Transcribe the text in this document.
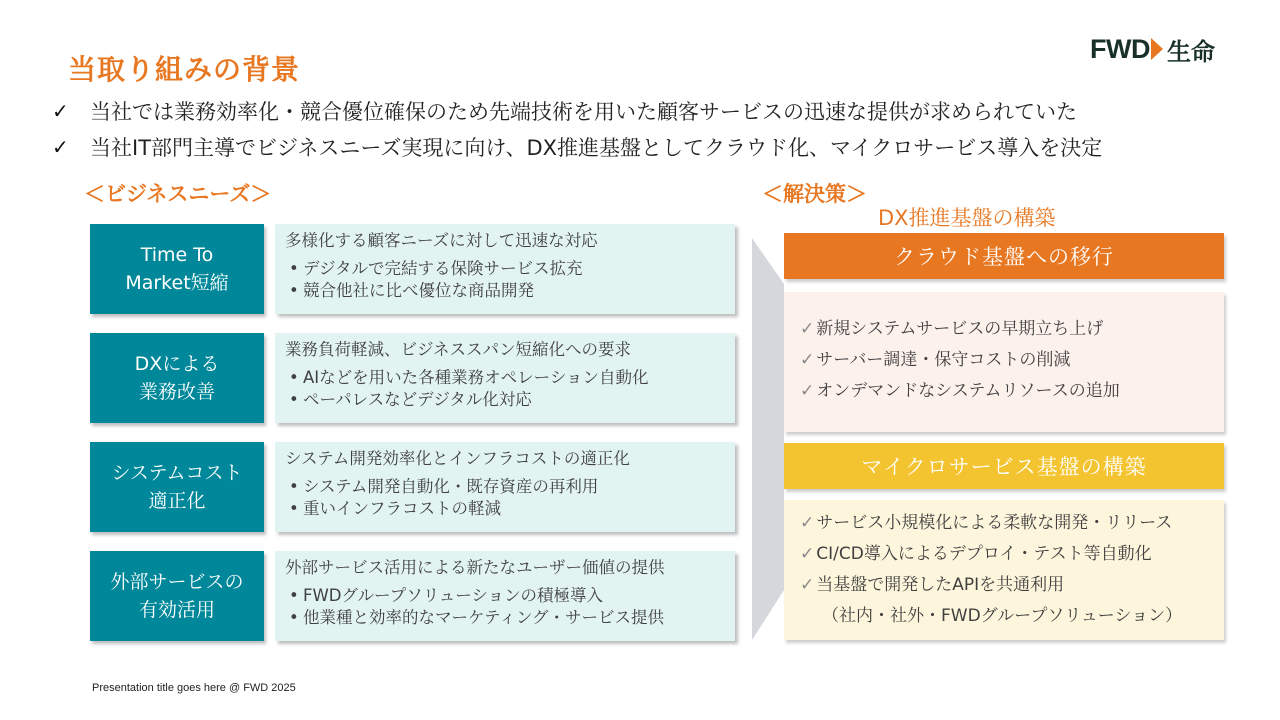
当取り組みの背景
FWD 生命
✓	当社では業務効率化・競合優位確保のため先端技術を用いた顧客サービスの迅速な提供が求められていた
✓	当社IT部門主導でビジネスニーズ実現に向け、DX推進基盤としてクラウド化、マイクロサービス導入を決定
＜ビジネスニーズ＞	＜解決策＞
DX推進基盤の構築
Time To
Market短縮
多様化する顧客ニーズに対して迅速な対応
• デジタルで完結する保険サービス拡充
• 競合他社に比べ優位な商品開発
DXによる
業務改善
業務負荷軽減、ビジネススパン短縮化への要求
• AIなどを用いた各種業務オペレーション自動化
• ペーパレスなどデジタル化対応
システムコスト
適正化
システム開発効率化とインフラコストの適正化
• システム開発自動化・既存資産の再利用
• 重いインフラコストの軽減
外部サービスの
有効活用
外部サービス活用による新たなユーザー価値の提供
• FWDグループソリューションの積極導入
• 他業種と効率的なマーケティング・サービス提供
クラウド基盤への移行
✓ 新規システムサービスの早期立ち上げ
✓ サーバー調達・保守コストの削減
✓ オンデマンドなシステムリソースの追加
マイクロサービス基盤の構築
✓ サービス小規模化による柔軟な開発・リリース
✓ CI/CD導入によるデプロイ・テスト等自動化
✓ 当基盤で開発したAPIを共通利用
（社内・社外・FWDグループソリューション）
Presentation title goes here @ FWD 2025
